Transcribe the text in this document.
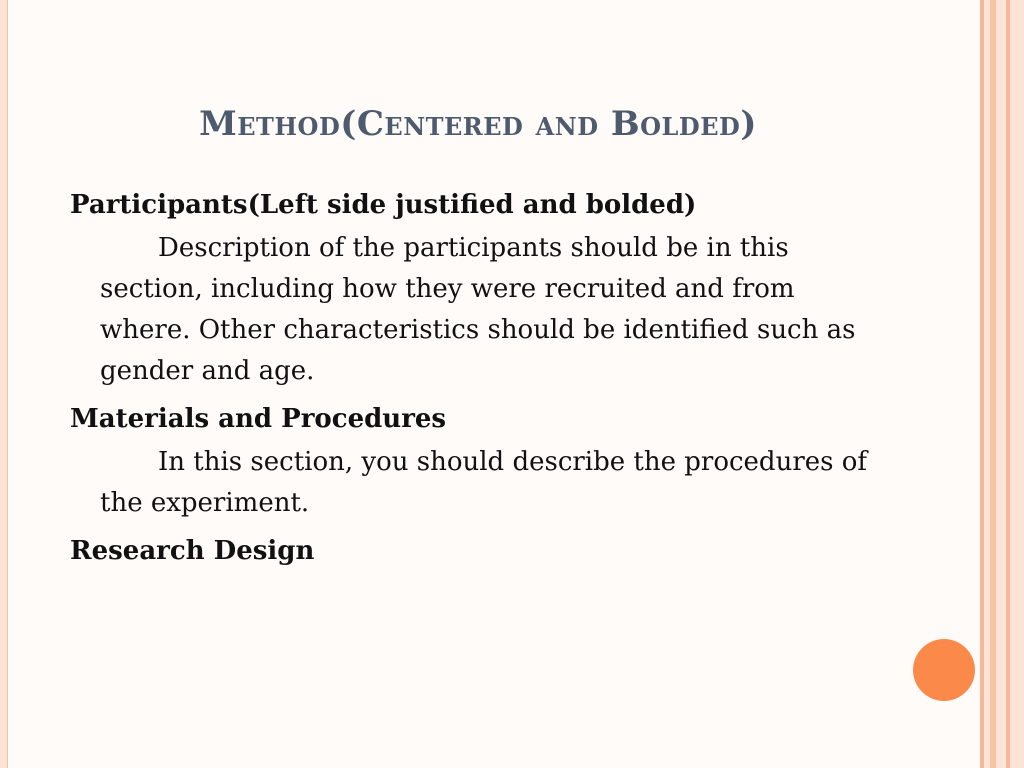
Method(Centered and Bolded)

Participants(Left side justified and bolded)

Description of the participants should be in this section, including how they were recruited and from where. Other characteristics should be identified such as gender and age.

Materials and Procedures

In this section, you should describe the procedures of the experiment.

Research Design
